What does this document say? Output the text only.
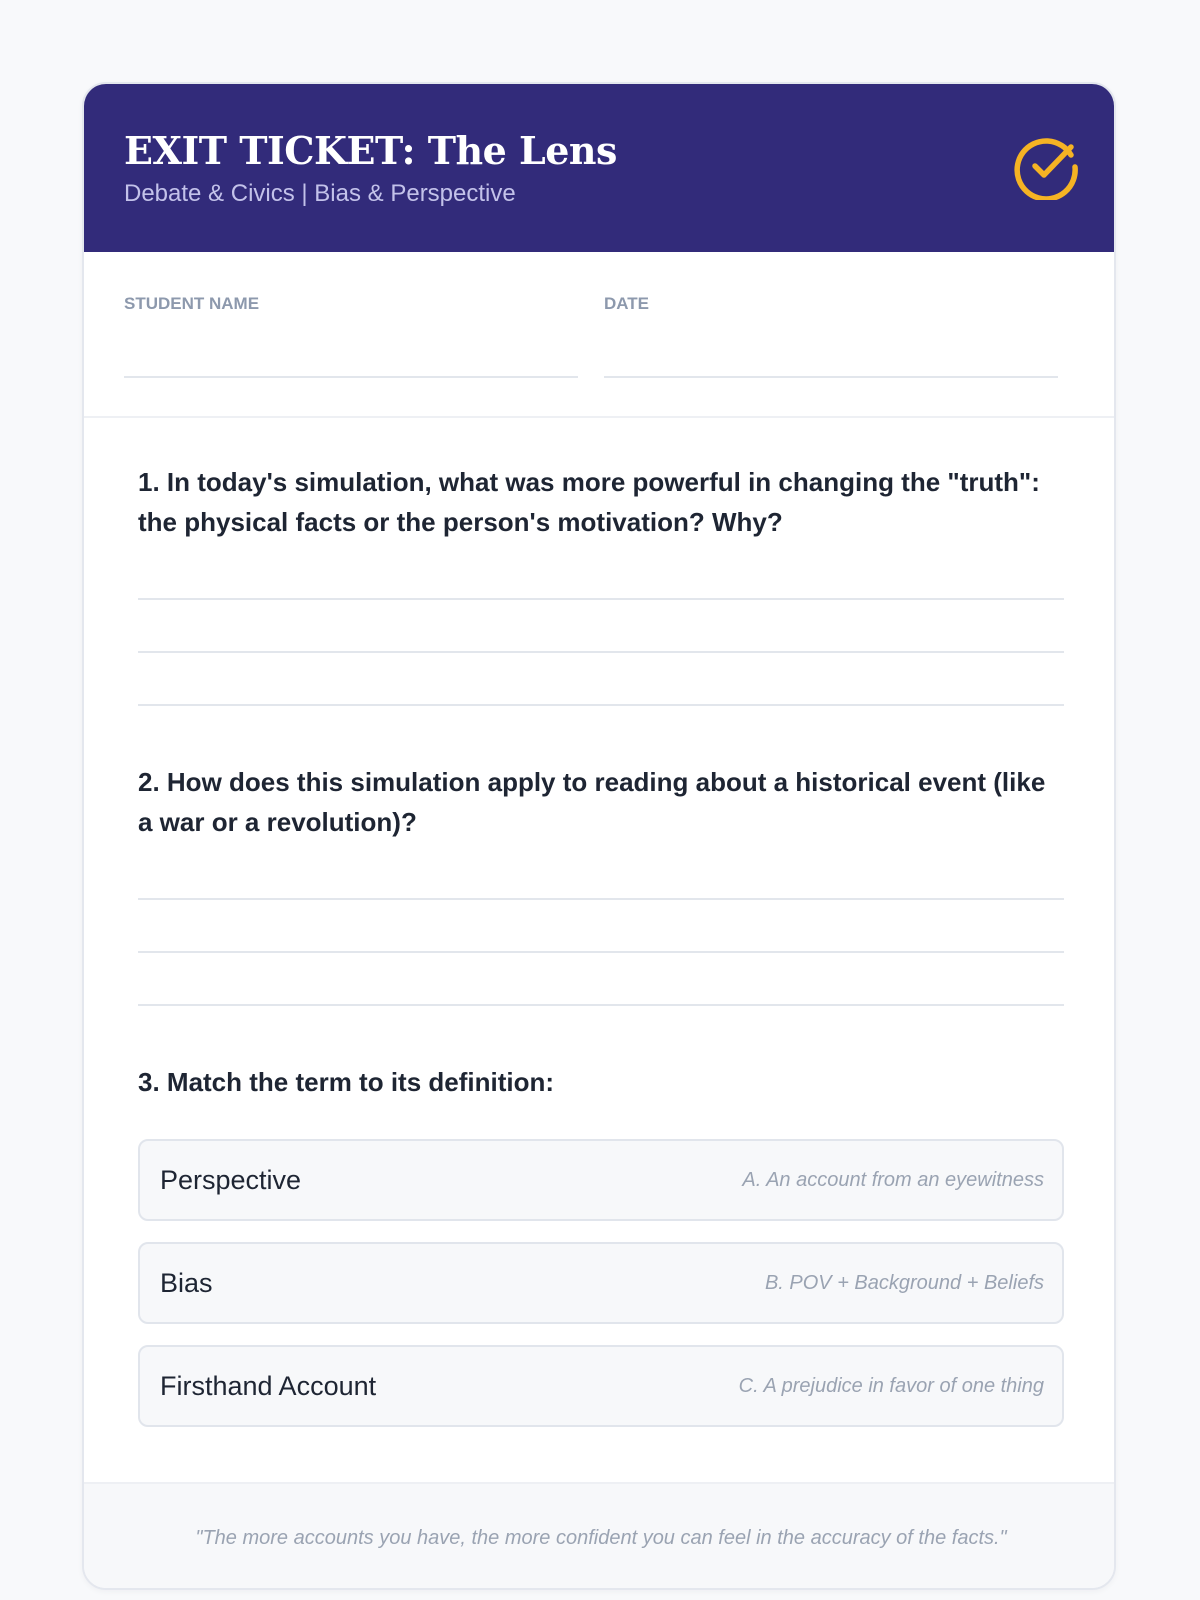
EXIT TICKET: The Lens
Debate & Civics | Bias & Perspective
STUDENT NAME	DATE
1. In today's simulation, what was more powerful in changing the "truth": the physical facts or the person's motivation? Why?
2. How does this simulation apply to reading about a historical event (like a war or a revolution)?
3. Match the term to its definition:
Perspective	A. An account from an eyewitness
Bias	B. POV + Background + Beliefs
Firsthand Account	C. A prejudice in favor of one thing
"The more accounts you have, the more confident you can feel in the accuracy of the facts."
